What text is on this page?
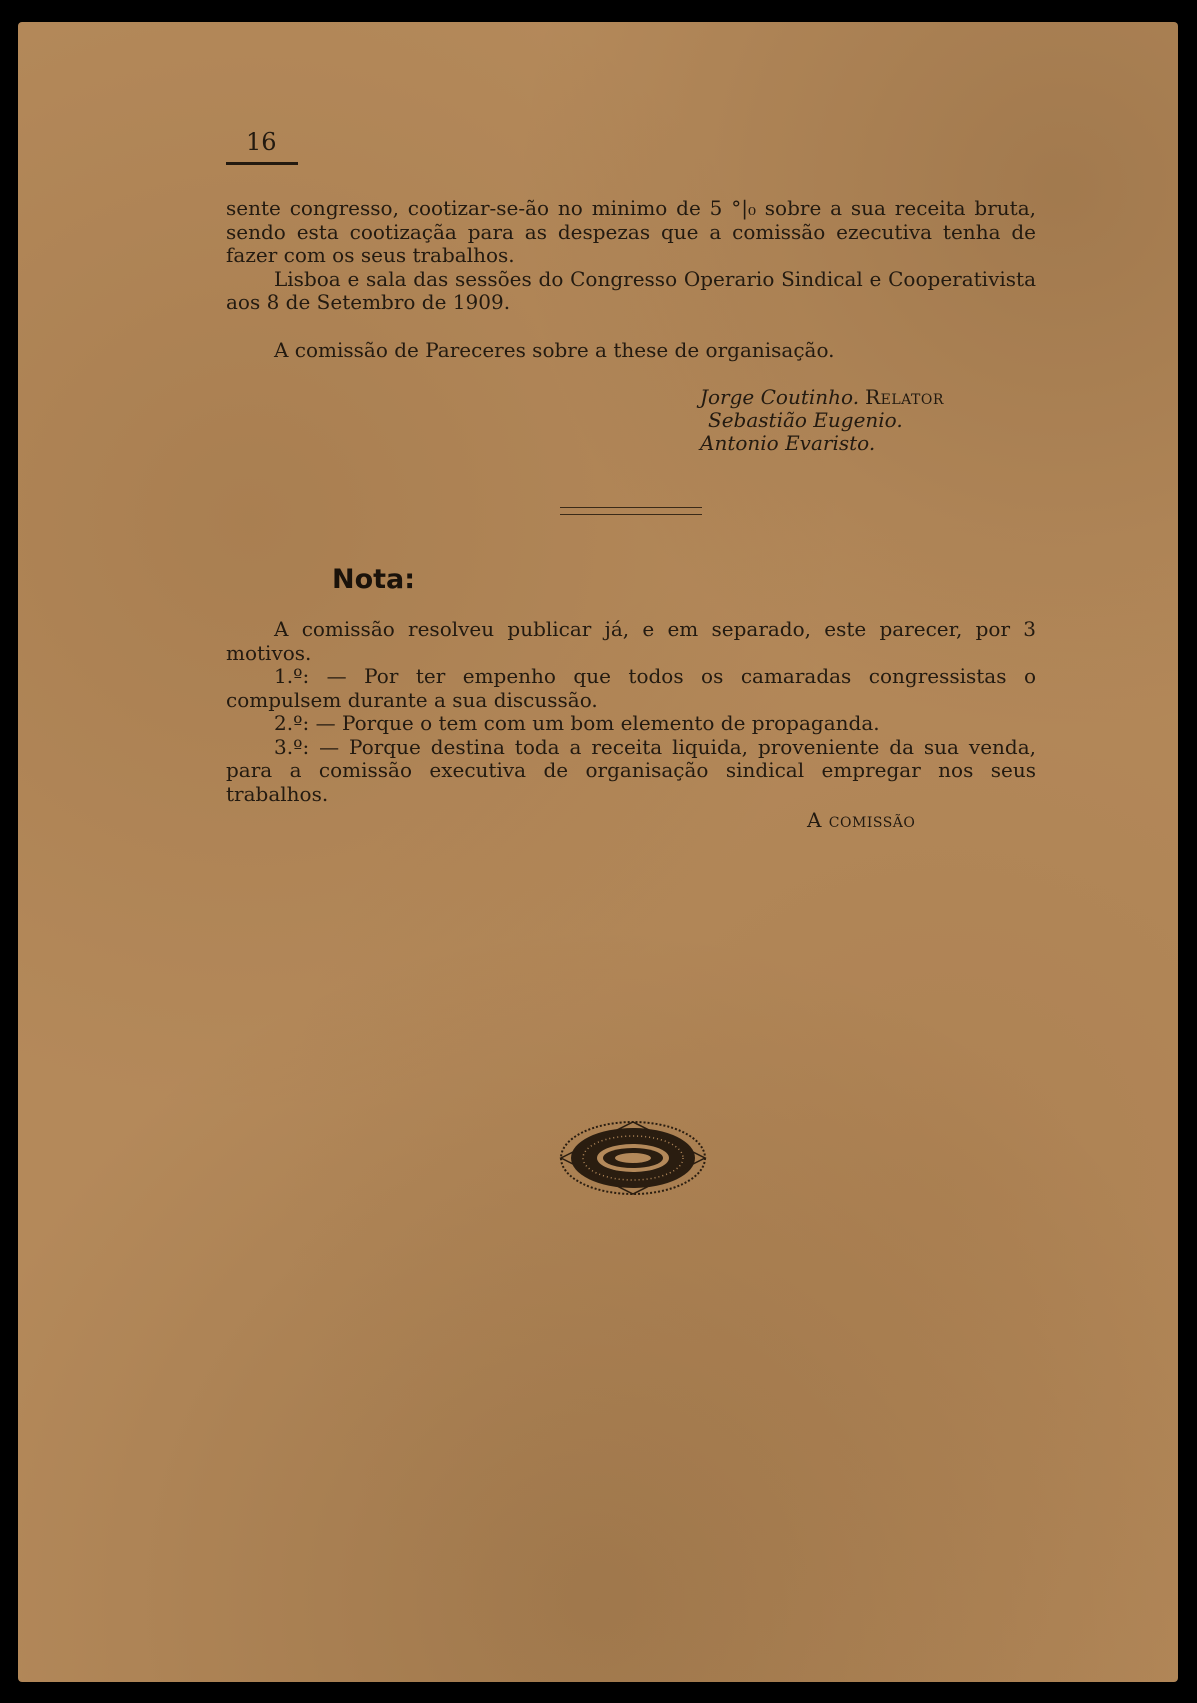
16

sente congresso, cootizar-se-ão no minimo de 5 °|₀ sobre a sua receita bruta, sendo esta cootizaçãa para as despezas que a comissão ezecutiva tenha de fazer com os seus trabalhos.

Lisboa e sala das sessões do Congresso Operario Sindical e Cooperativista aos 8 de Setembro de 1909.

A comissão de Pareceres sobre a these de organisação.

Jorge Coutinho. Relator
Sebastião Eugenio.
Antonio Evaristo.

Nota:

A comissão resolveu publicar já, e em separado, este parecer, por 3 motivos.

1.º: — Por ter empenho que todos os camaradas congressistas o compulsem durante a sua discussão.

2.º: — Porque o tem com um bom elemento de propaganda.

3.º: — Porque destina toda a receita liquida, proveniente da sua venda, para a comissão executiva de organisação sindical empregar nos seus trabalhos.

A comissão
